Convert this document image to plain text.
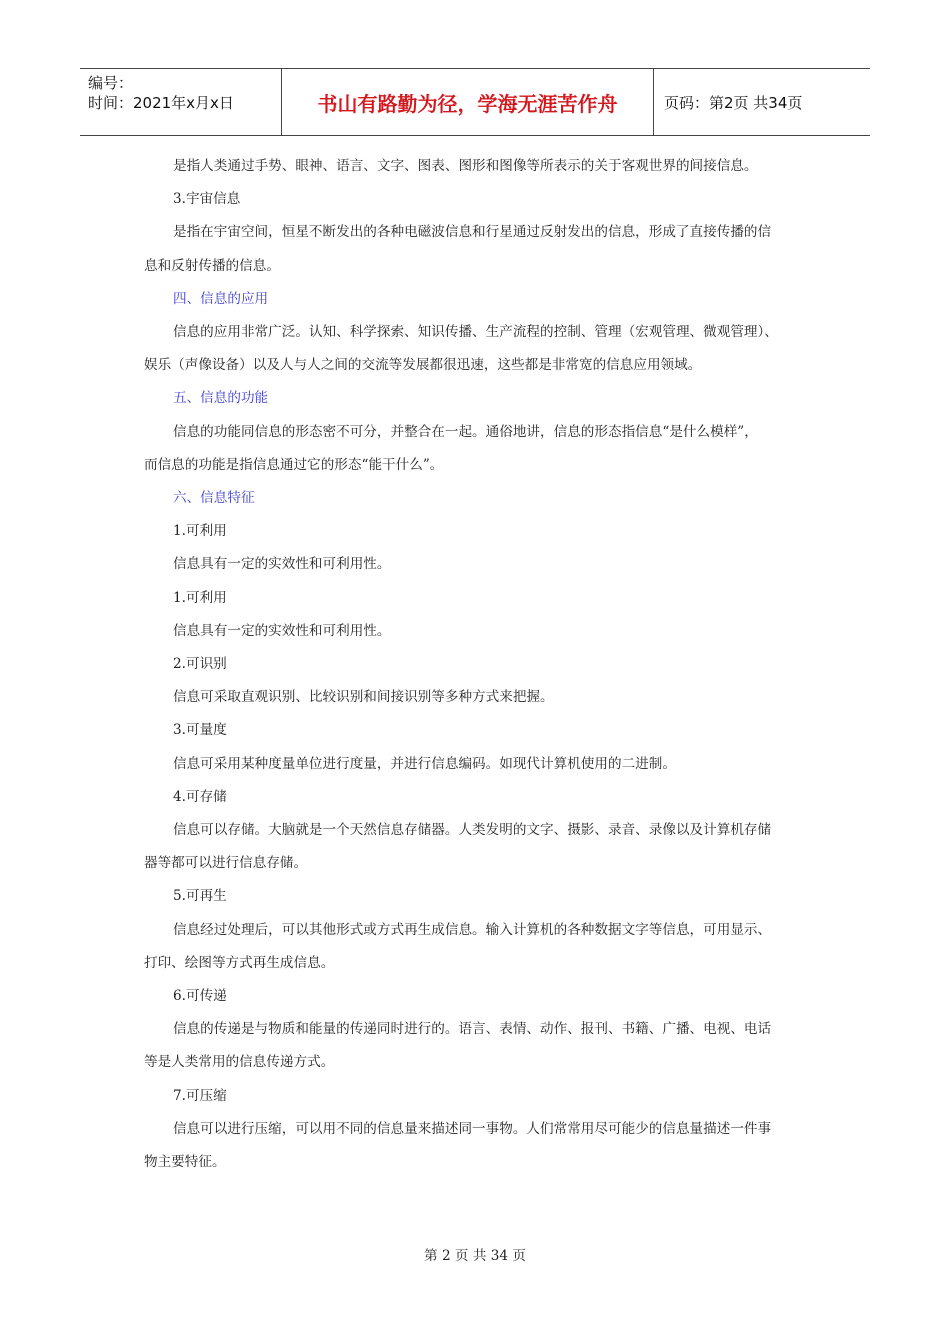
编号：
时间：2021年x月x日	书山有路勤为径，学海无涯苦作舟	页码：第2页 共34页

是指人类通过手势、眼神、语言、文字、图表、图形和图像等所表示的关于客观世界的间接信息。

3.宇宙信息

是指在宇宙空间，恒星不断发出的各种电磁波信息和行星通过反射发出的信息，形成了直接传播的信

息和反射传播的信息。

四、信息的应用

信息的应用非常广泛。认知、科学探索、知识传播、生产流程的控制、管理（宏观管理、微观管理）、

娱乐（声像设备）以及人与人之间的交流等发展都很迅速，这些都是非常宽的信息应用领域。

五、信息的功能

信息的功能同信息的形态密不可分，并整合在一起。通俗地讲，信息的形态指信息“是什么模样”，

而信息的功能是指信息通过它的形态“能干什么”。

六、信息特征

1.可利用

信息具有一定的实效性和可利用性。

1.可利用

信息具有一定的实效性和可利用性。

2.可识别

信息可采取直观识别、比较识别和间接识别等多种方式来把握。

3.可量度

信息可采用某种度量单位进行度量，并进行信息编码。如现代计算机使用的二进制。

4.可存储

信息可以存储。大脑就是一个天然信息存储器。人类发明的文字、摄影、录音、录像以及计算机存储

器等都可以进行信息存储。

5.可再生

信息经过处理后，可以其他形式或方式再生成信息。输入计算机的各种数据文字等信息，可用显示、

打印、绘图等方式再生成信息。

6.可传递

信息的传递是与物质和能量的传递同时进行的。语言、表情、动作、报刊、书籍、广播、电视、电话

等是人类常用的信息传递方式。

7.可压缩

信息可以进行压缩，可以用不同的信息量来描述同一事物。人们常常用尽可能少的信息量描述一件事

物主要特征。

第 2 页 共 34 页
